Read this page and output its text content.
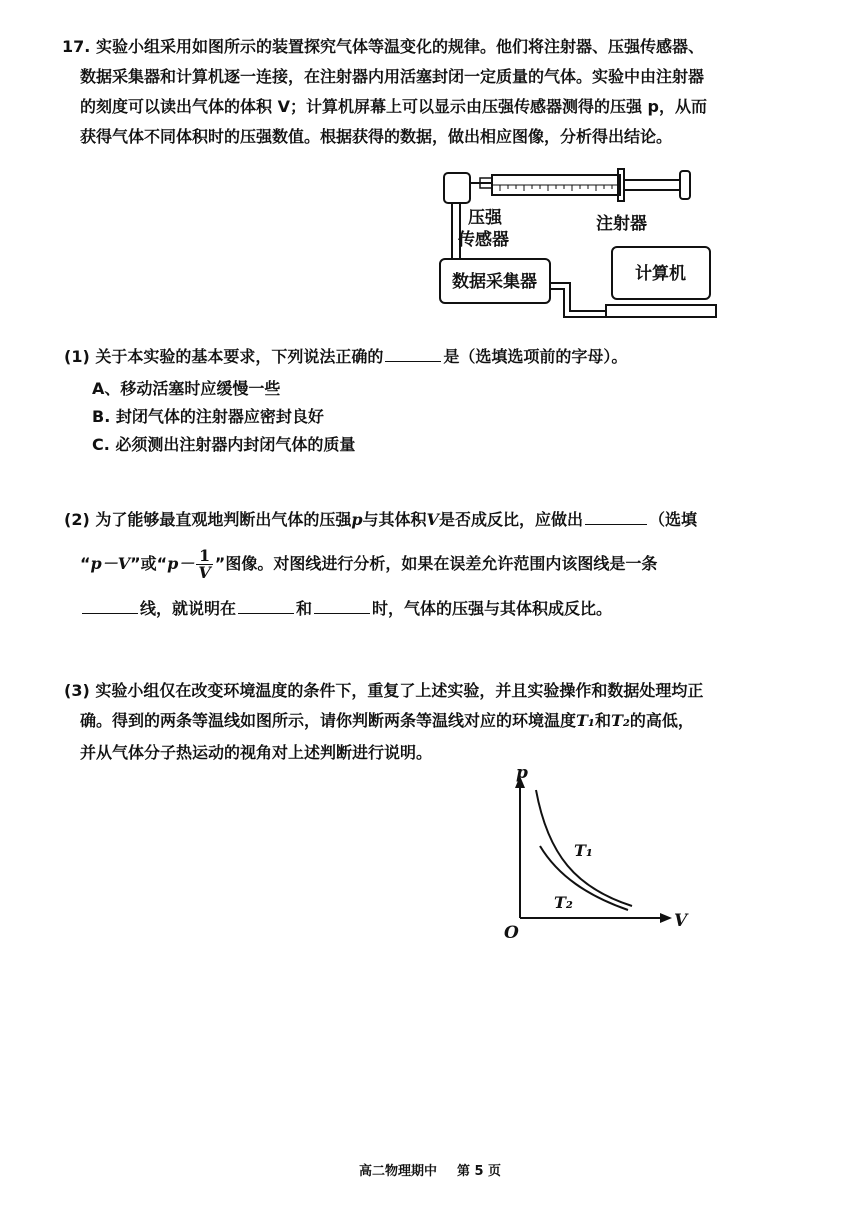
17. 实验小组采用如图所示的装置探究气体等温变化的规律。他们将注射器、压强传感器、
数据采集器和计算机逐一连接，在注射器内用活塞封闭一定质量的气体。实验中由注射器
的刻度可以读出气体的体积 V；计算机屏幕上可以显示由压强传感器测得的压强 p，从而
获得气体不同体积时的压强数值。根据获得的数据，做出相应图像，分析得出结论。
压强
传感器
注射器
数据采集器	计算机
(1) 关于本实验的基本要求，下列说法正确的	是（选填选项前的字母）。
A、移动活塞时应缓慢一些
B. 封闭气体的注射器应密封良好
C. 必须测出注射器内封闭气体的质量
(2) 为了能够最直观地判断出气体的压强p与其体积V是否成反比，应做出	（选填
“p－V”或“$p- \frac{1}{V}$ ”图像。对图线进行分析，如果在误差允许范围内该图线是一条
线，就说明在	和	时，气体的压强与其体积成反比。
(3) 实验小组仅在改变环境温度的条件下，重复了上述实验，并且实验操作和数据处理均正
确。得到的两条等温线如图所示，请你判断两条等温线对应的环境温度T₁和T₂的高低，
并从气体分子热运动的视角对上述判断进行说明。
p
V
O
T₁
T₂
高二物理期中 第 5 页
